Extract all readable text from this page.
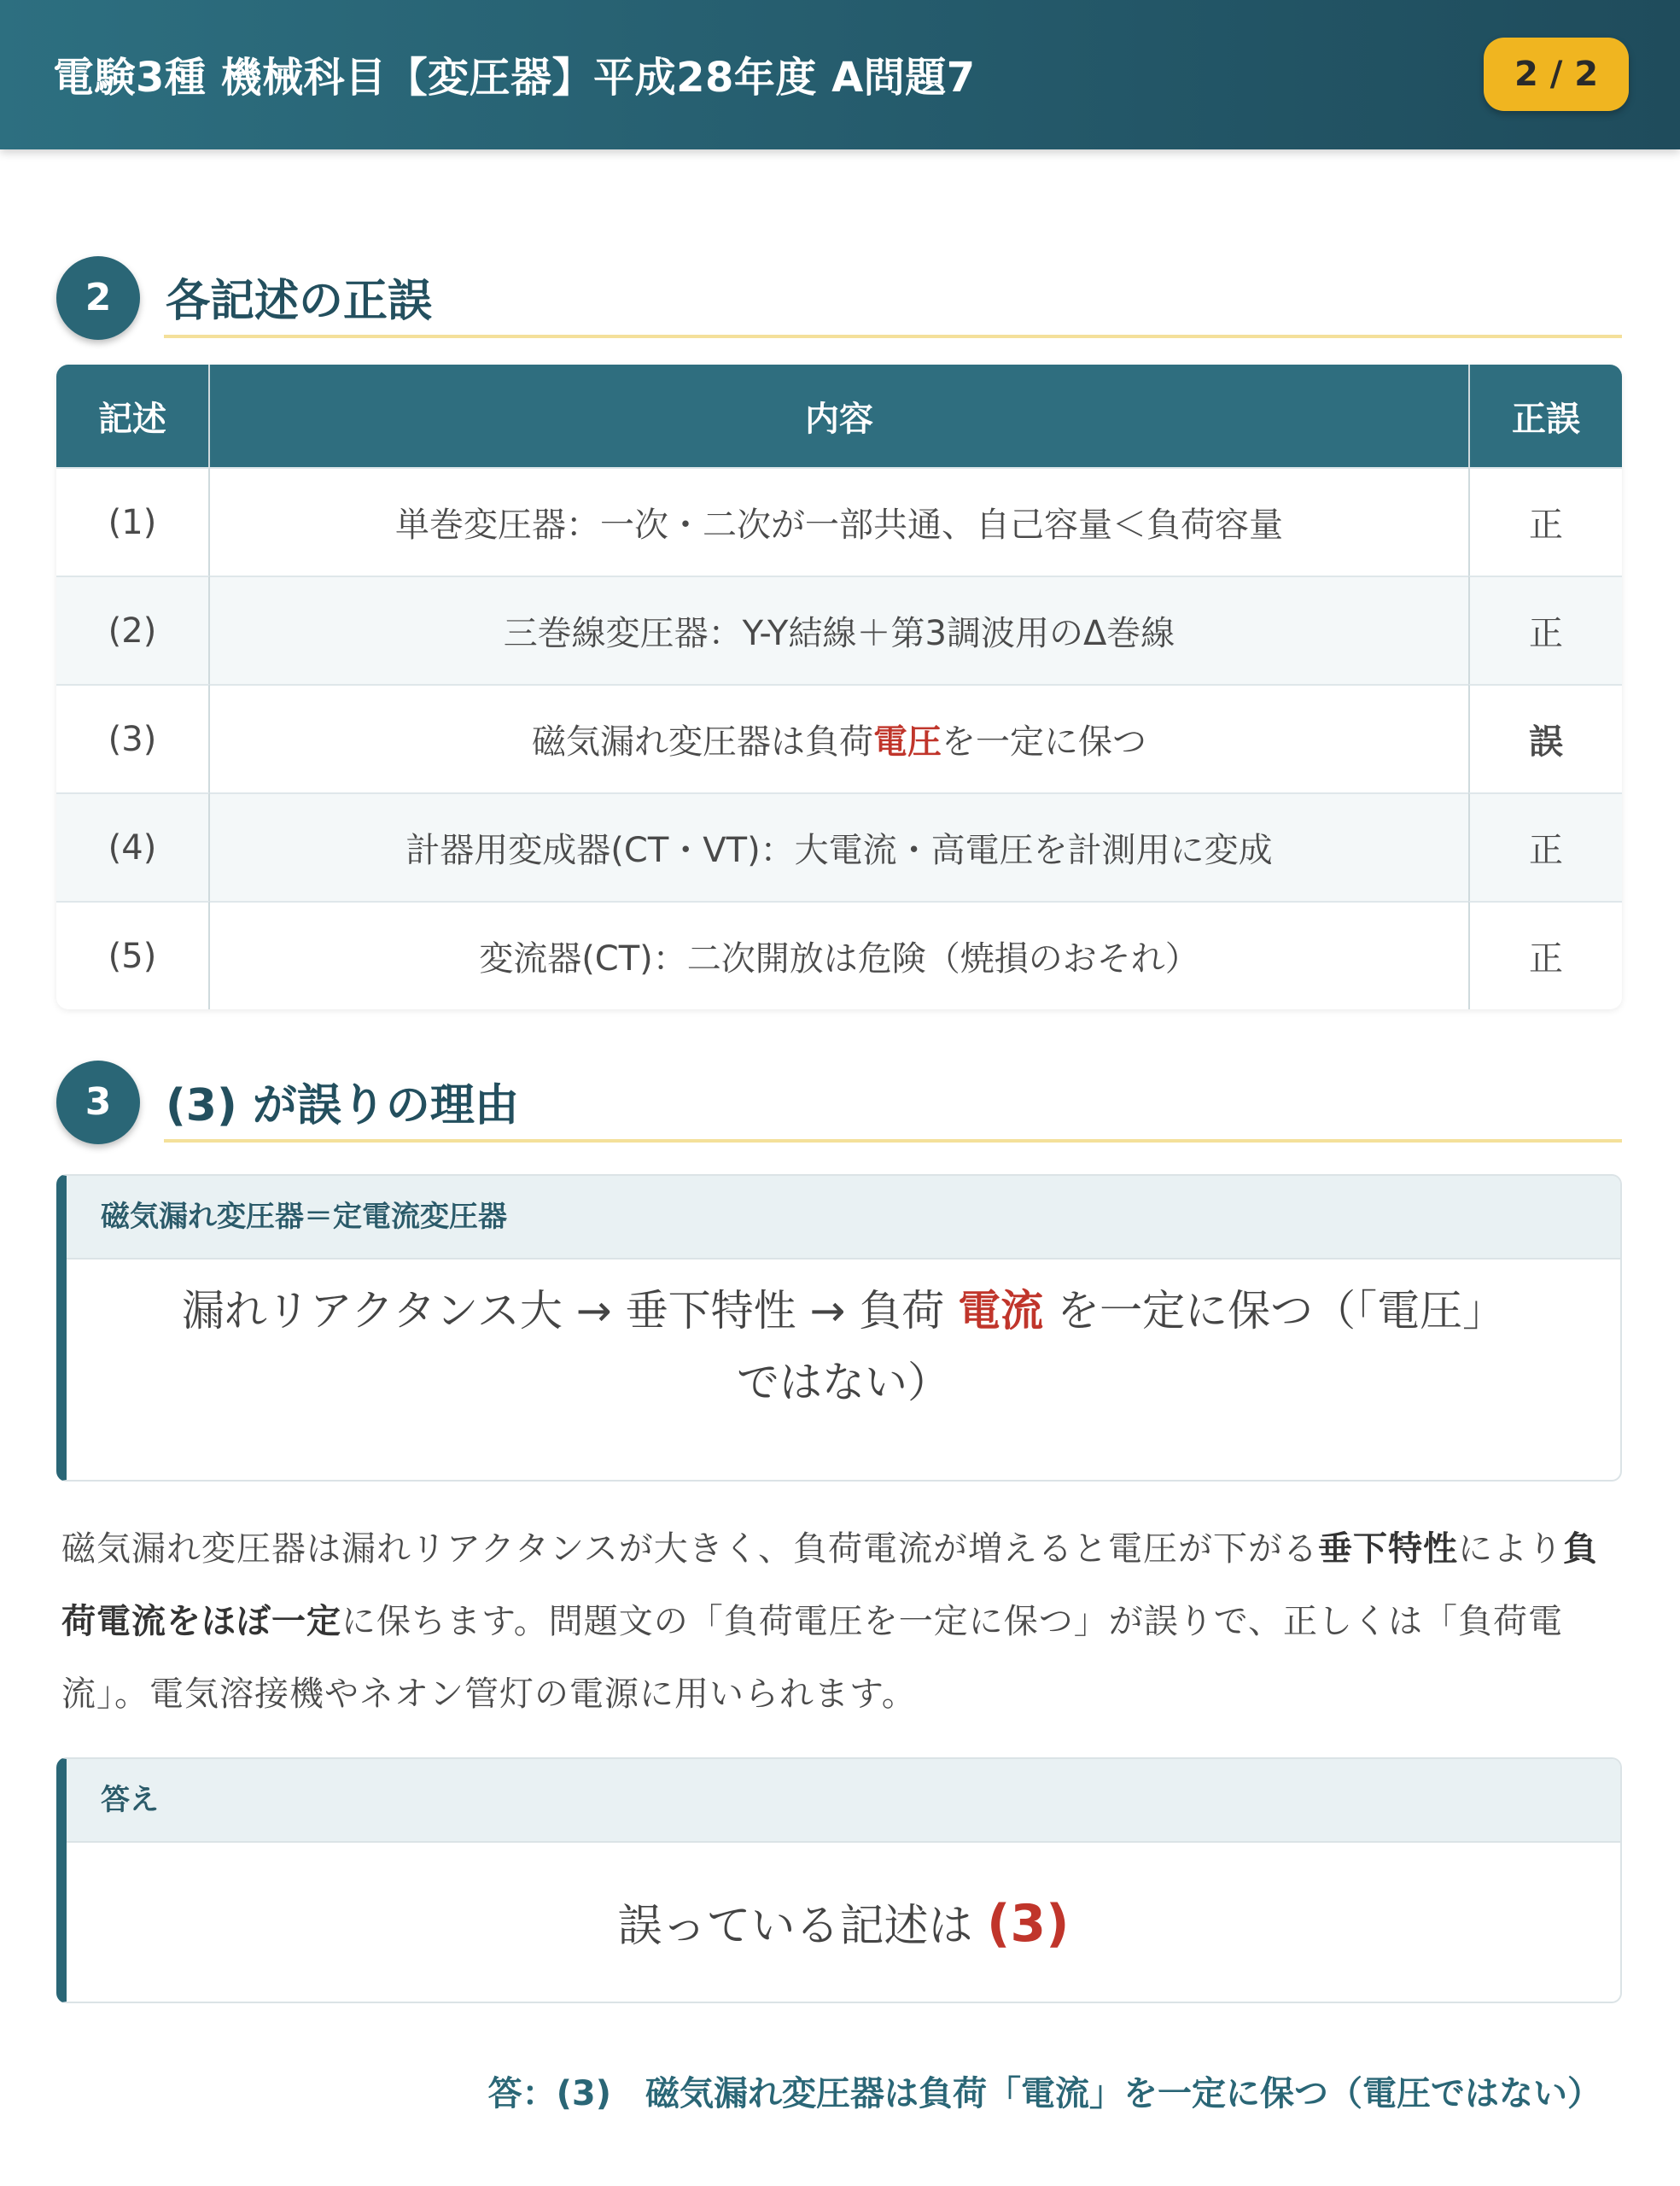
電験3種 機械科目【変圧器】平成28年度 A問題7	2 / 2
2	各記述の正誤
記述	内容	正誤
(1)	単巻変圧器：一次・二次が一部共通、自己容量＜負荷容量	正
(2)	三巻線変圧器：Y-Y結線＋第3調波用のΔ巻線	正
(3)	磁気漏れ変圧器は負荷電圧を一定に保つ	誤
(4)	計器用変成器(CT・VT)：大電流・高電圧を計測用に変成	正
(5)	変流器(CT)：二次開放は危険（焼損のおそれ）	正
3	(3) が誤りの理由
磁気漏れ変圧器＝定電流変圧器
漏れリアクタンス大 → 垂下特性 → 負荷 電流 を一定に保つ（「電圧」
ではない）
磁気漏れ変圧器は漏れリアクタンスが大きく、負荷電流が増えると電圧が下がる垂下特性により負荷電流をほぼ一定に保ちます。問題文の「負荷電圧を一定に保つ」が誤りで、正しくは「負荷電流」。電気溶接機やネオン管灯の電源に用いられます。
答え
誤っている記述は (3)
答：(3)　磁気漏れ変圧器は負荷「電流」を一定に保つ（電圧ではない）
